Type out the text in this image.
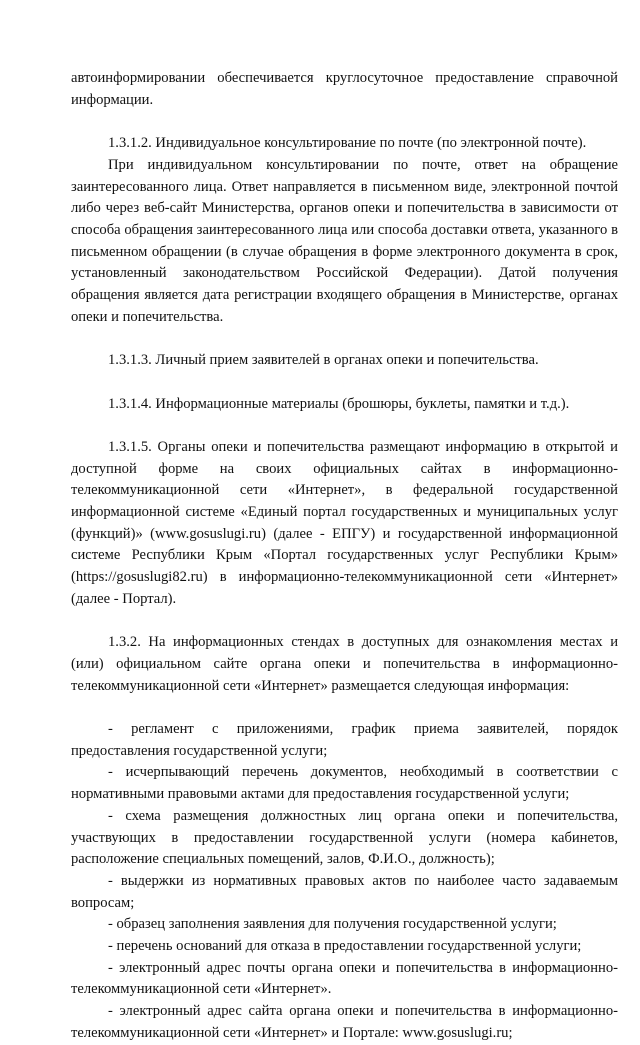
автоинформировании обеспечивается круглосуточное предоставление справочной информации.

1.3.1.2. Индивидуальное консультирование по почте (по электронной почте).

При индивидуальном консультировании по почте, ответ на обращение заинтересованного лица. Ответ направляется в письменном виде, электронной почтой либо через веб-сайт Министерства, органов опеки и попечительства в зависимости от способа обращения заинтересованного лица или способа доставки ответа, указанного в письменном обращении (в случае обращения в форме электронного документа в срок, установленный законодательством Российской Федерации). Датой получения обращения является дата регистрации входящего обращения в Министерстве, органах опеки и попечительства.

1.3.1.3. Личный прием заявителей в органах опеки и попечительства.

1.3.1.4. Информационные материалы (брошюры, буклеты, памятки и т.д.).

1.3.1.5. Органы опеки и попечительства размещают информацию в открытой и доступной форме на своих официальных сайтах в информационно-телекоммуникационной сети «Интернет», в федеральной государственной информационной системе «Единый портал государственных и муниципальных услуг (функций)» (www.gosuslugi.ru) (далее - ЕПГУ) и государственной информационной системе Республики Крым «Портал государственных услуг Республики Крым» (https://gosuslugi82.ru) в информационно-телекоммуникационной сети «Интернет» (далее - Портал).

1.3.2. На информационных стендах в доступных для ознакомления местах и (или) официальном сайте органа опеки и попечительства в информационно-телекоммуникационной сети «Интернет» размещается следующая информация:

- регламент с приложениями, график приема заявителей, порядок предоставления государственной услуги;

- исчерпывающий перечень документов, необходимый в соответствии с нормативными правовыми актами для предоставления государственной услуги;

- схема размещения должностных лиц органа опеки и попечительства, участвующих в предоставлении государственной услуги (номера кабинетов, расположение специальных помещений, залов, Ф.И.О., должность);

- выдержки из нормативных правовых актов по наиболее часто задаваемым вопросам;

- образец заполнения заявления для получения государственной услуги;

- перечень оснований для отказа в предоставлении государственной услуги;

- электронный адрес почты органа опеки и попечительства в информационно-телекоммуникационной сети «Интернет».

- электронный адрес сайта органа опеки и попечительства в информационно-телекоммуникационной сети «Интернет» и Портале: www.gosuslugi.ru;
